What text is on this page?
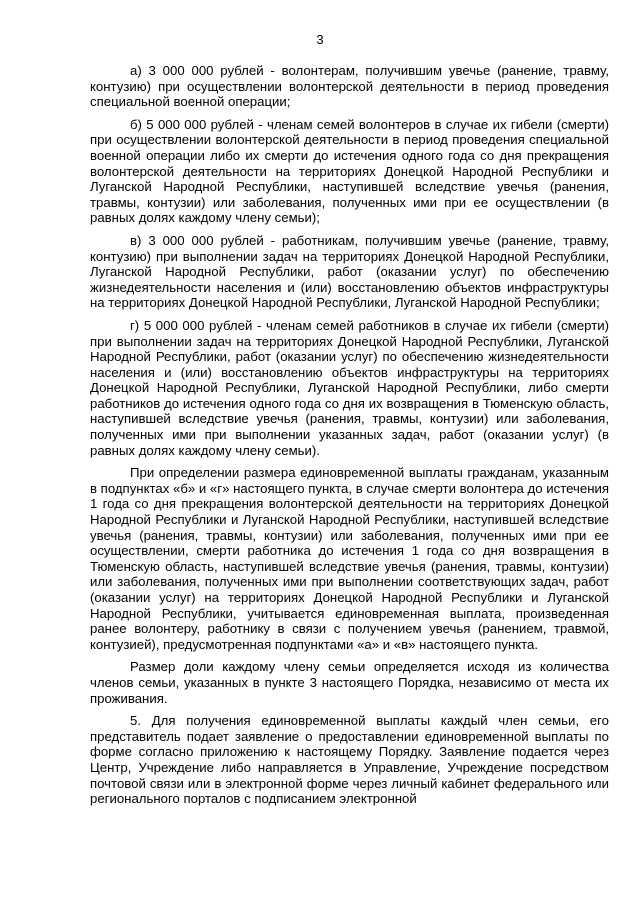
3

а) 3 000 000 рублей - волонтерам, получившим увечье (ранение, травму, контузию) при осуществлении волонтерской деятельности в период проведения специальной военной операции;

б) 5 000 000 рублей - членам семей волонтеров в случае их гибели (смерти) при осуществлении волонтерской деятельности в период проведения специальной военной операции либо их смерти до истечения одного года со дня прекращения волонтерской деятельности на территориях Донецкой Народной Республики и Луганской Народной Республики, наступившей вследствие увечья (ранения, травмы, контузии) или заболевания, полученных ими при ее осуществлении (в равных долях каждому члену семьи);

в) 3 000 000 рублей - работникам, получившим увечье (ранение, травму, контузию) при выполнении задач на территориях Донецкой Народной Республики, Луганской Народной Республики, работ (оказании услуг) по обеспечению жизнедеятельности населения и (или) восстановлению объектов инфраструктуры на территориях Донецкой Народной Республики, Луганской Народной Республики;

г) 5 000 000 рублей - членам семей работников в случае их гибели (смерти) при выполнении задач на территориях Донецкой Народной Республики, Луганской Народной Республики, работ (оказании услуг) по обеспечению жизнедеятельности населения и (или) восстановлению объектов инфраструктуры на территориях Донецкой Народной Республики, Луганской Народной Республики, либо смерти работников до истечения одного года со дня их возвращения в Тюменскую область, наступившей вследствие увечья (ранения, травмы, контузии) или заболевания, полученных ими при выполнении указанных задач, работ (оказании услуг) (в равных долях каждому члену семьи).

При определении размера единовременной выплаты гражданам, указанным в подпунктах «б» и «г» настоящего пункта, в случае смерти волонтера до истечения 1 года со дня прекращения волонтерской деятельности на территориях Донецкой Народной Республики и Луганской Народной Республики, наступившей вследствие увечья (ранения, травмы, контузии) или заболевания, полученных ими при ее осуществлении, смерти работника до истечения 1 года со дня возвращения в Тюменскую область, наступившей вследствие увечья (ранения, травмы, контузии) или заболевания, полученных ими при выполнении соответствующих задач, работ (оказании услуг) на территориях Донецкой Народной Республики и Луганской Народной Республики, учитывается единовременная выплата, произведенная ранее волонтеру, работнику в связи с получением увечья (ранением, травмой, контузией), предусмотренная подпунктами «а» и «в» настоящего пункта.

Размер доли каждому члену семьи определяется исходя из количества членов семьи, указанных в пункте 3 настоящего Порядка, независимо от места их проживания.

5. Для получения единовременной выплаты каждый член семьи, его представитель подает заявление о предоставлении единовременной выплаты по форме согласно приложению к настоящему Порядку. Заявление подается через Центр, Учреждение либо направляется в Управление, Учреждение посредством почтовой связи или в электронной форме через личный кабинет федерального или регионального порталов с подписанием электронной
